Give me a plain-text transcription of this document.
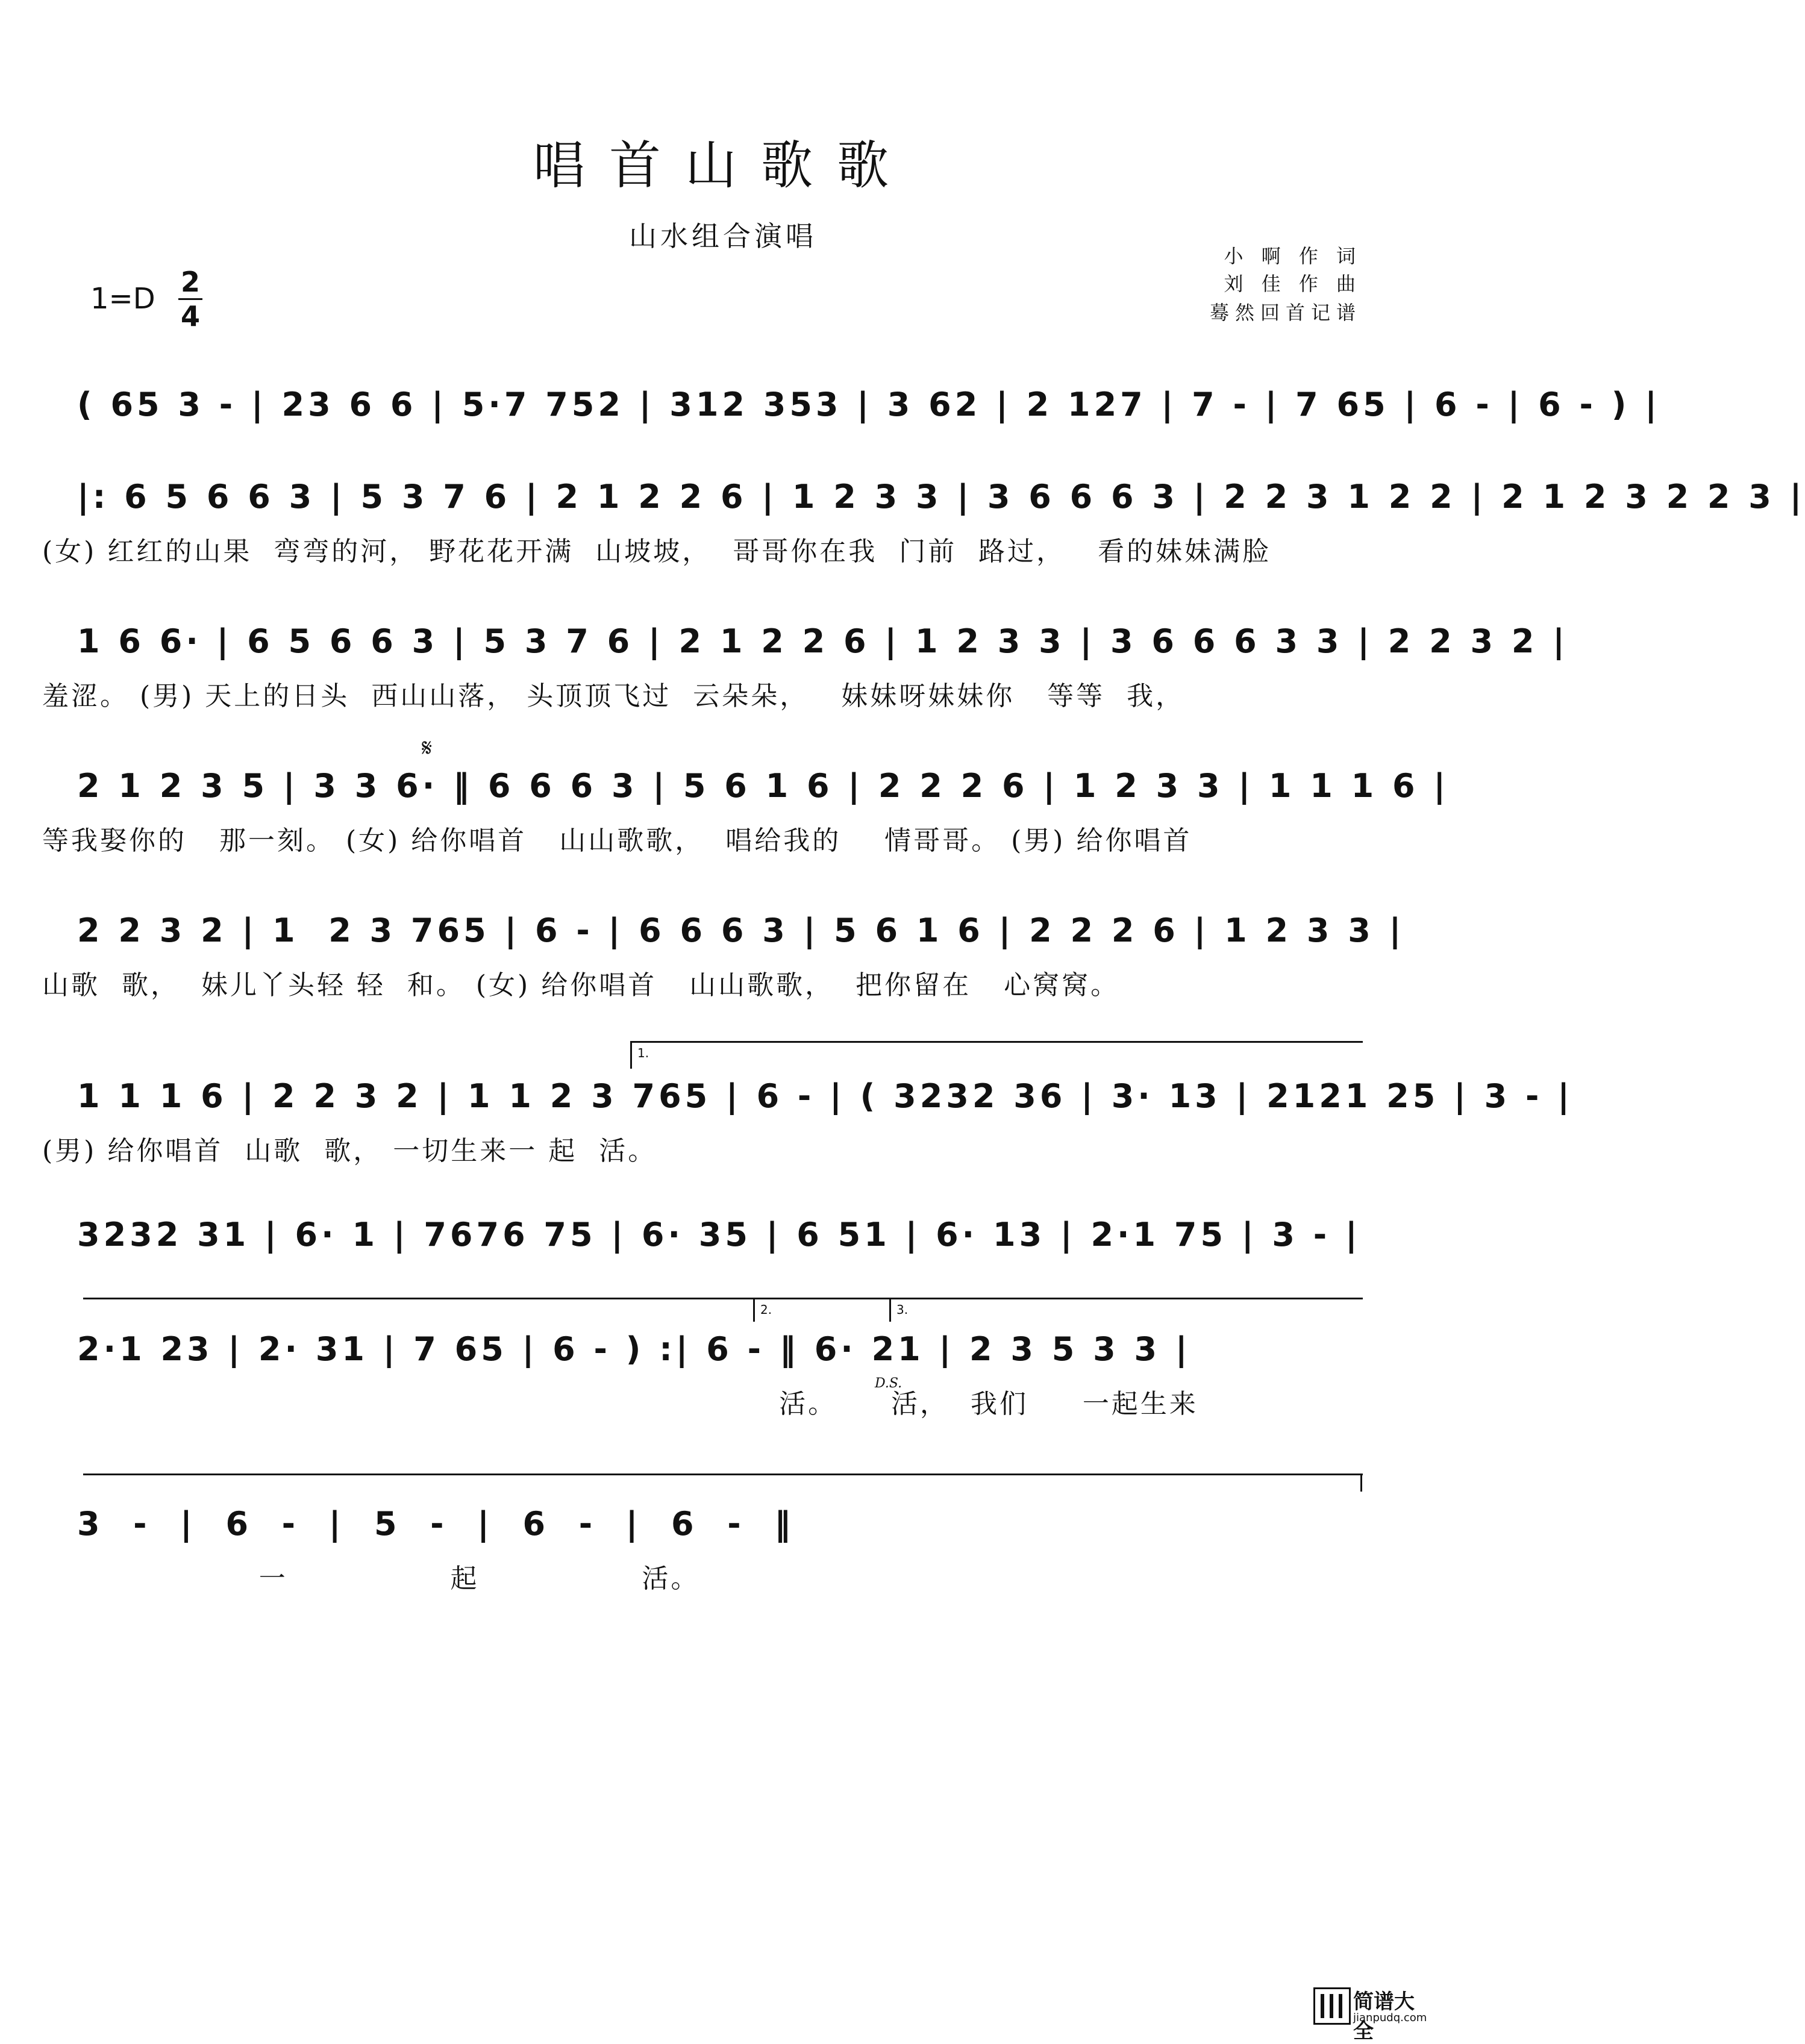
唱首山歌歌
山水组合演唱
小 啊 作 词
刘 佳 作 曲
蓦然回首记谱
1=D 2
4
( 65 3 - | 23 6 6 | 5·7 752 | 312 353 | 3 62 | 2 127 | 7 - | 7 65 | 6 - | 6 - ) |
|: 6 5 6 6 3 | 5 3 7 6 | 2 1 2 2 6 | 1 2 3 3 | 3 6 6 6 3 | 2 2 3 1 2 2 | 2 1 2 3 2 2 3 |
(女) 红红的山果  弯弯的河， 野花花开满  山坡坡，  哥哥你在我  门前  路过，   看的妹妹满脸
1 6 6· | 6 5 6 6 3 | 5 3 7 6 | 2 1 2 2 6 | 1 2 3 3 | 3 6 6 6 3 3 | 2 2 3 2 |
羞涩。 (男) 天上的日头  西山山落， 头顶顶飞过  云朵朵，   妹妹呀妹妹你   等等  我，
𝄋
2 1 2 3 5 | 3 3 6· ‖ 6 6 6 3 | 5 6 1 6 | 2 2 2 6 | 1 2 3 3 | 1 1 1 6 |
等我娶你的   那一刻。 (女) 给你唱首   山山歌歌，  唱给我的    情哥哥。 (男) 给你唱首
2 2 3 2 | 1  2 3 765 | 6 - | 6 6 6 3 | 5 6 1 6 | 2 2 2 6 | 1 2 3 3 |
山歌  歌，  妹儿丫头轻 轻  和。 (女) 给你唱首   山山歌歌，  把你留在   心窝窝。
1.
1 1 1 6 | 2 2 3 2 | 1 1 2 3 765 | 6 - | ( 3232 36 | 3· 13 | 2121 25 | 3 - |
(男) 给你唱首  山歌  歌， 一切生来一 起  活。
3232 31 | 6· 1 | 7676 75 | 6· 35 | 6 51 | 6· 13 | 2·1 75 | 3 - |
2.	3.
2·1 23 | 2· 31 | 7 65 | 6 - ) :| 6 - ‖ 6· 21 | 2 3 5 3 3 |
D.S.
活。     活，  我们     一起生来
3  -  |  6  -  |  5  -  |  6  -  |  6  -  ‖
一               起               活。
简谱大全
jianpudq.com
